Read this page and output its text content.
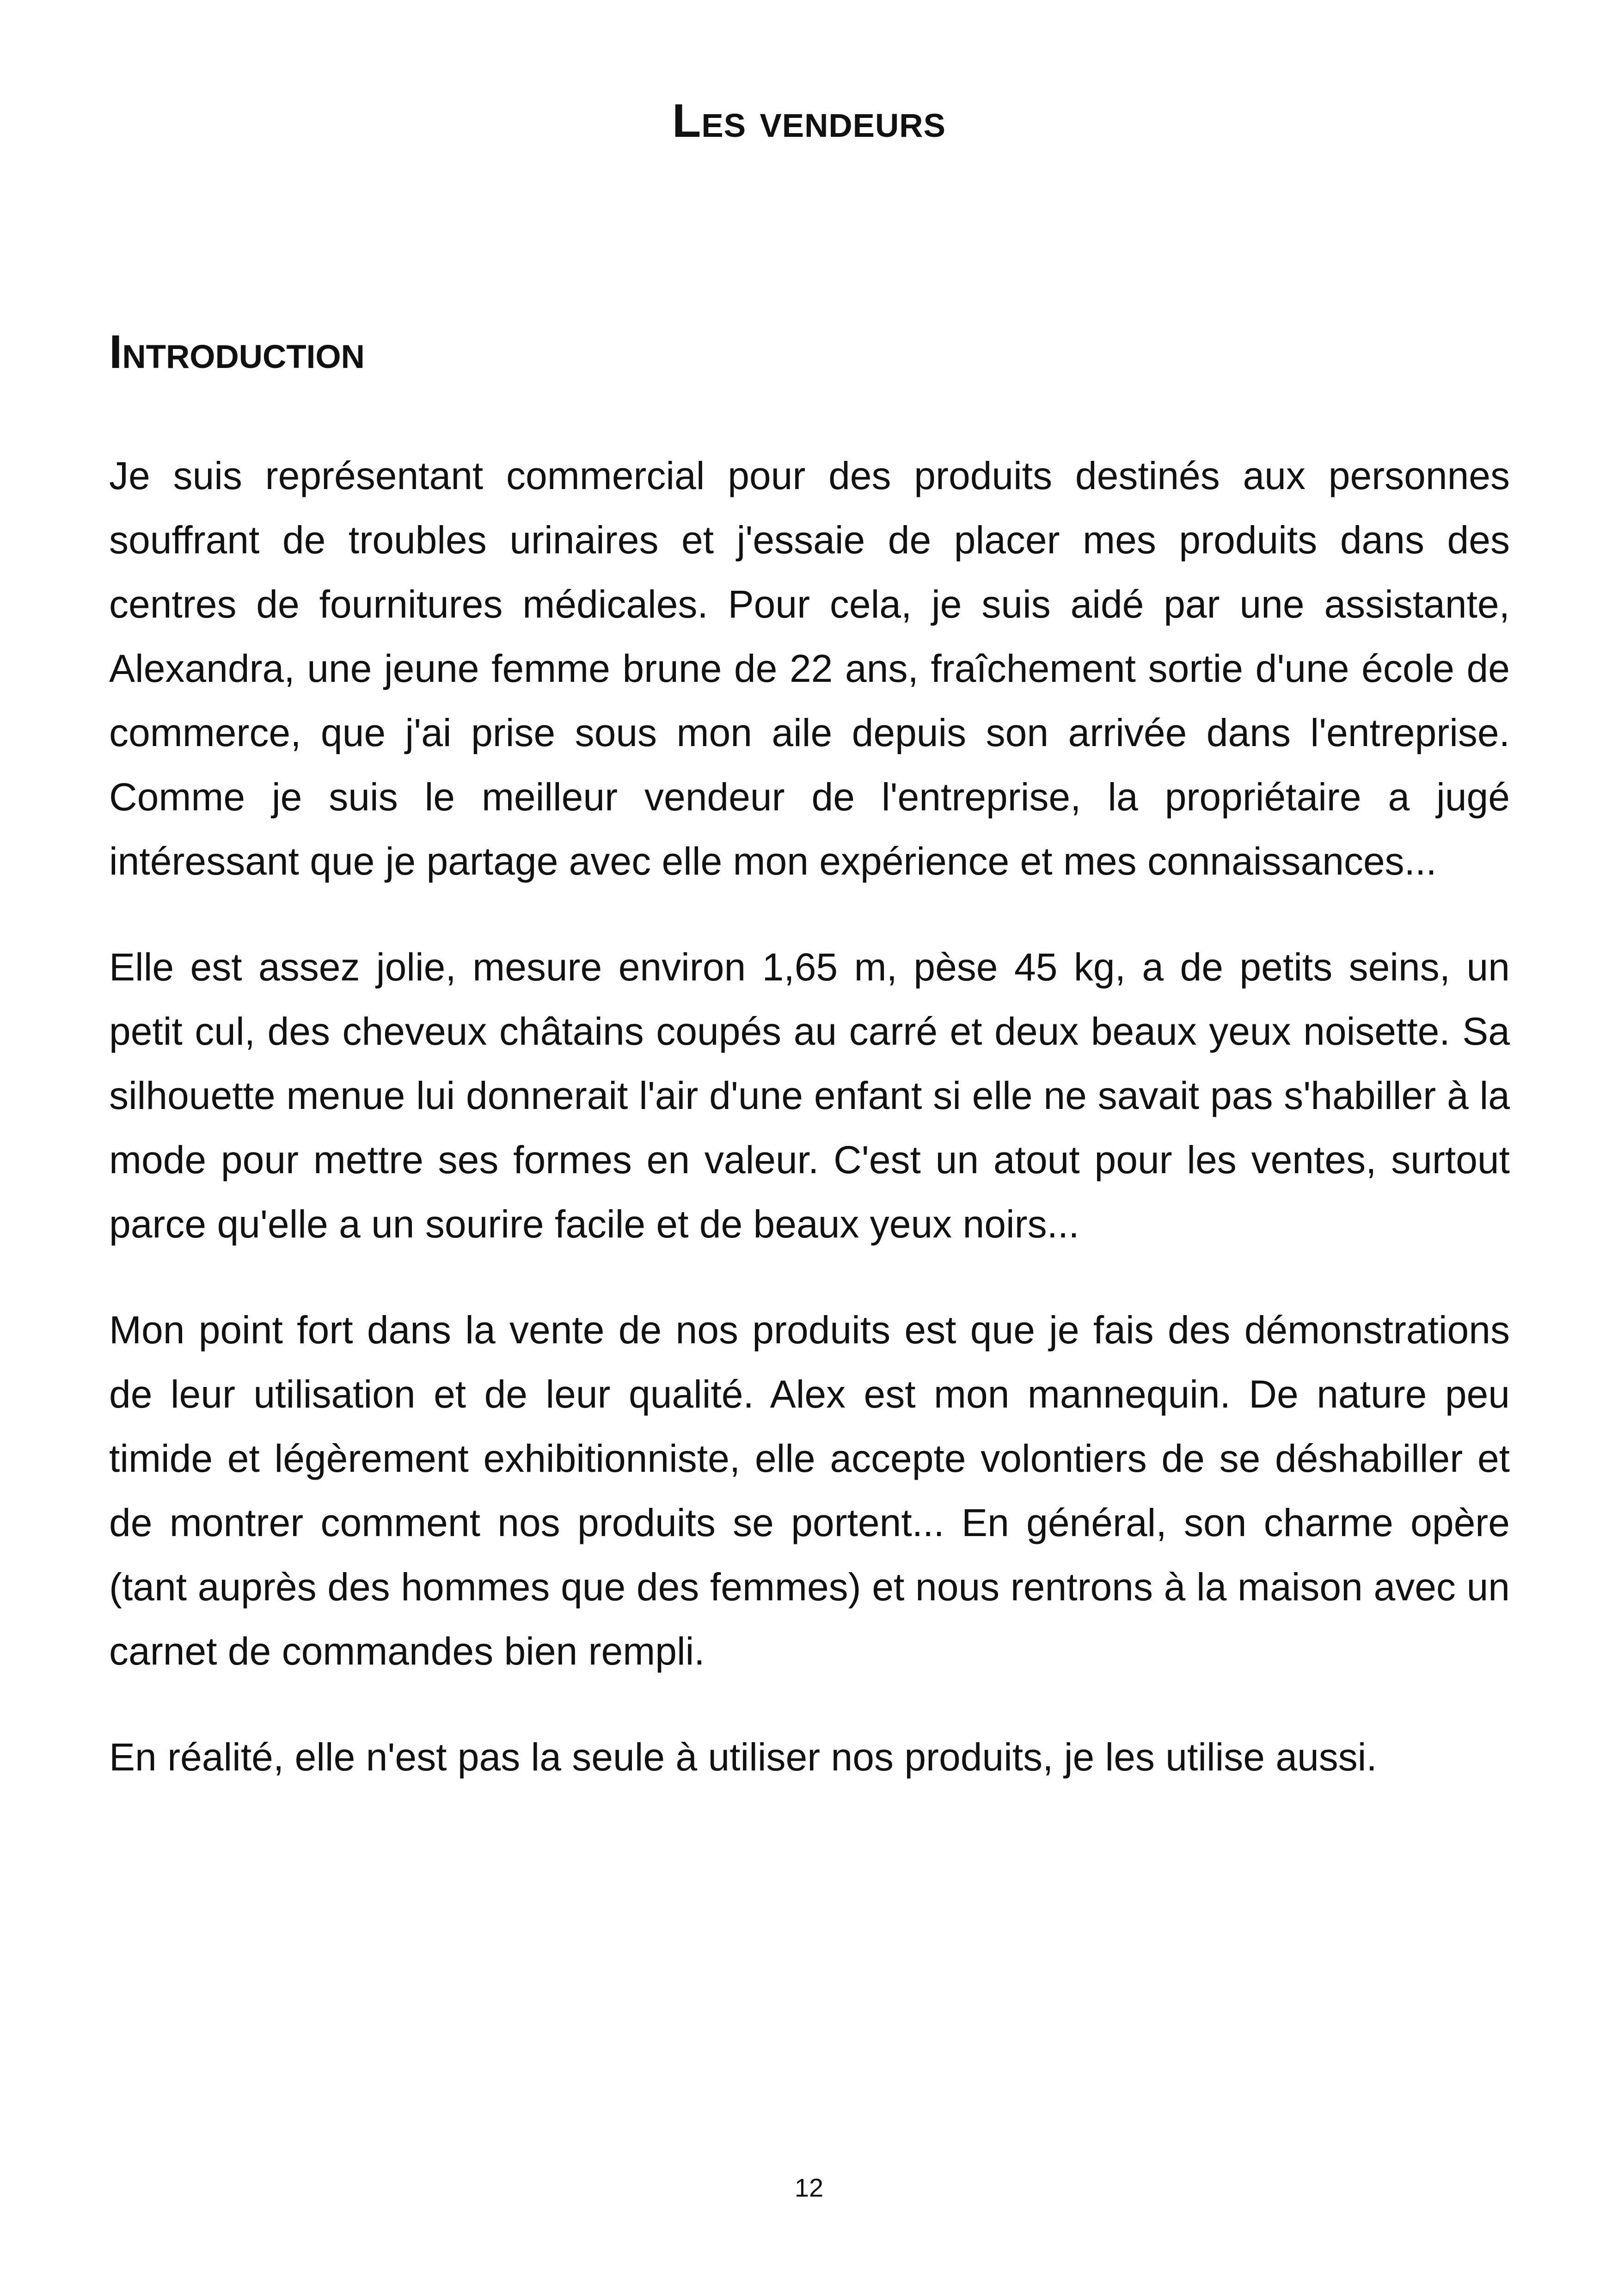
Les vendeurs
Introduction

Je suis représentant commercial pour des produits destinés aux personnes souffrant de troubles urinaires et j'essaie de placer mes produits dans des centres de fournitures médicales. Pour cela, je suis aidé par une assistante, Alexandra, une jeune femme brune de 22 ans, fraîchement sortie d'une école de commerce, que j'ai prise sous mon aile depuis son arrivée dans l'entreprise. Comme je suis le meilleur vendeur de l'entreprise, la propriétaire a jugé intéressant que je partage avec elle mon expérience et mes connaissances...

Elle est assez jolie, mesure environ 1,65 m, pèse 45 kg, a de petits seins, un petit cul, des cheveux châtains coupés au carré et deux beaux yeux noisette. Sa silhouette menue lui donnerait l'air d'une enfant si elle ne savait pas s'habiller à la mode pour mettre ses formes en valeur. C'est un atout pour les ventes, surtout parce qu'elle a un sourire facile et de beaux yeux noirs...

Mon point fort dans la vente de nos produits est que je fais des démonstrations de leur utilisation et de leur qualité. Alex est mon mannequin. De nature peu timide et légèrement exhibitionniste, elle accepte volontiers de se déshabiller et de montrer comment nos produits se portent... En général, son charme opère (tant auprès des hommes que des femmes) et nous rentrons à la maison avec un carnet de commandes bien rempli.

En réalité, elle n'est pas la seule à utiliser nos produits, je les utilise aussi.

12
